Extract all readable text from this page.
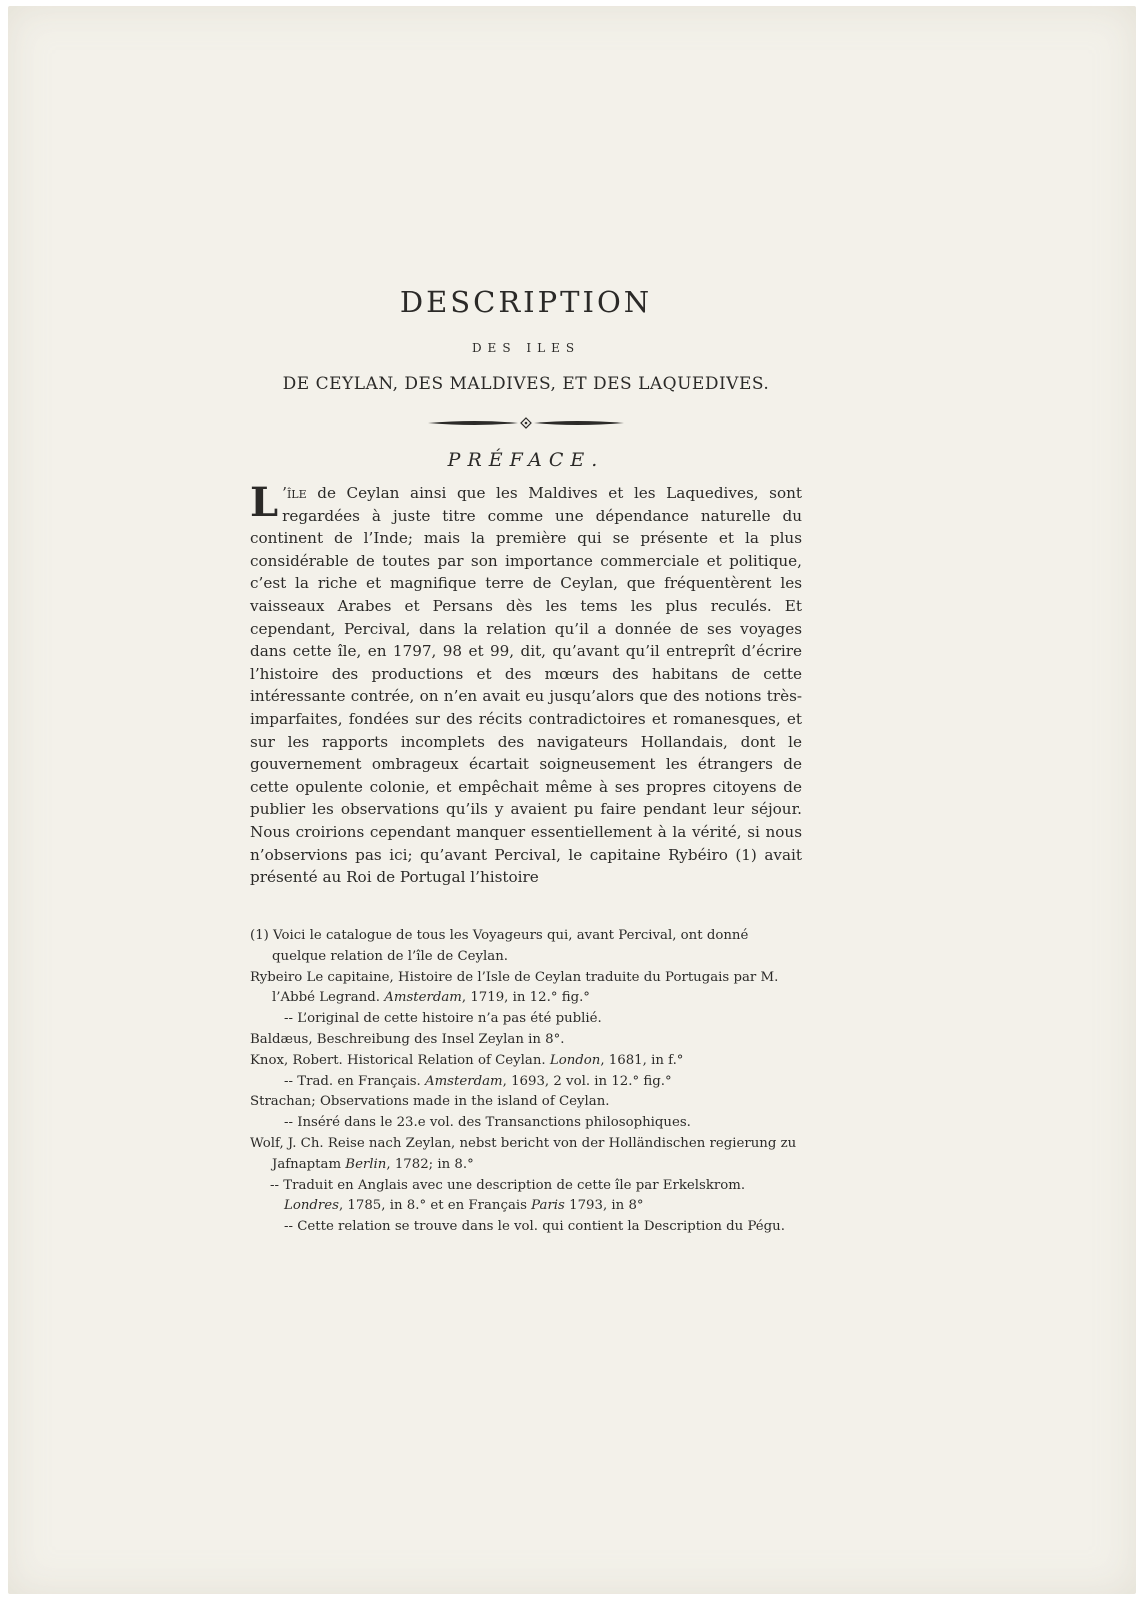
DESCRIPTION
DES ILES
DE CEYLAN, DES MALDIVES, ET DES LAQUEDIVES.
PRÉFACE.

L ’île de Ceylan ainsi que les Maldives et les Laquedives, sont regardées à juste titre comme une dépendance naturelle du continent de l’Inde; mais la première qui se présente et la plus considérable de toutes par son importance commerciale et politique, c’est la riche et magnifique terre de Ceylan, que fréquentèrent les vaisseaux Arabes et Persans dès les tems les plus reculés. Et cependant, Percival, dans la relation qu’il a donnée de ses voyages dans cette île, en 1797, 98 et 99, dit, qu’avant qu’il entreprît d’écrire l’histoire des productions et des mœurs des habitans de cette intéressante contrée, on n’en avait eu jusqu’alors que des notions très-imparfaites, fondées sur des récits contradictoires et romanesques, et sur les rapports incomplets des navigateurs Hollandais, dont le gouvernement ombrageux écartait soigneusement les étrangers de cette opulente colonie, et empêchait même à ses propres citoyens de publier les observations qu’ils y avaient pu faire pendant leur séjour. Nous croirions cependant manquer essentiellement à la vérité, si nous n’observions pas ici; qu’avant Percival, le capitaine Rybéiro (1) avait présenté au Roi de Portugal l’histoire

(1) Voici le catalogue de tous les Voyageurs qui, avant Percival, ont donné quelque relation de l’île de Ceylan.

Rybeiro Le capitaine, Histoire de l’Isle de Ceylan traduite du Portugais par M. l’Abbé Legrand. Amsterdam, 1719, in 12.° fig.°

-- L’original de cette histoire n’a pas été publié.

Baldæus, Beschreibung des Insel Zeylan in 8°.

Knox, Robert. Historical Relation of Ceylan. London, 1681, in f.°

-- Trad. en Français. Amsterdam, 1693, 2 vol. in 12.° fig.°

Strachan; Observations made in the island of Ceylan.

-- Inséré dans le 23.e vol. des Transanctions philosophiques.

Wolf, J. Ch. Reise nach Zeylan, nebst bericht von der Holländischen regierung zu Jafnaptam Berlin, 1782; in 8.°

-- Traduit en Anglais avec une description de cette île par Erkelskrom.
Londres, 1785, in 8.° et en Français Paris 1793, in 8°

-- Cette relation se trouve dans le vol. qui contient la Description du Pégu.
